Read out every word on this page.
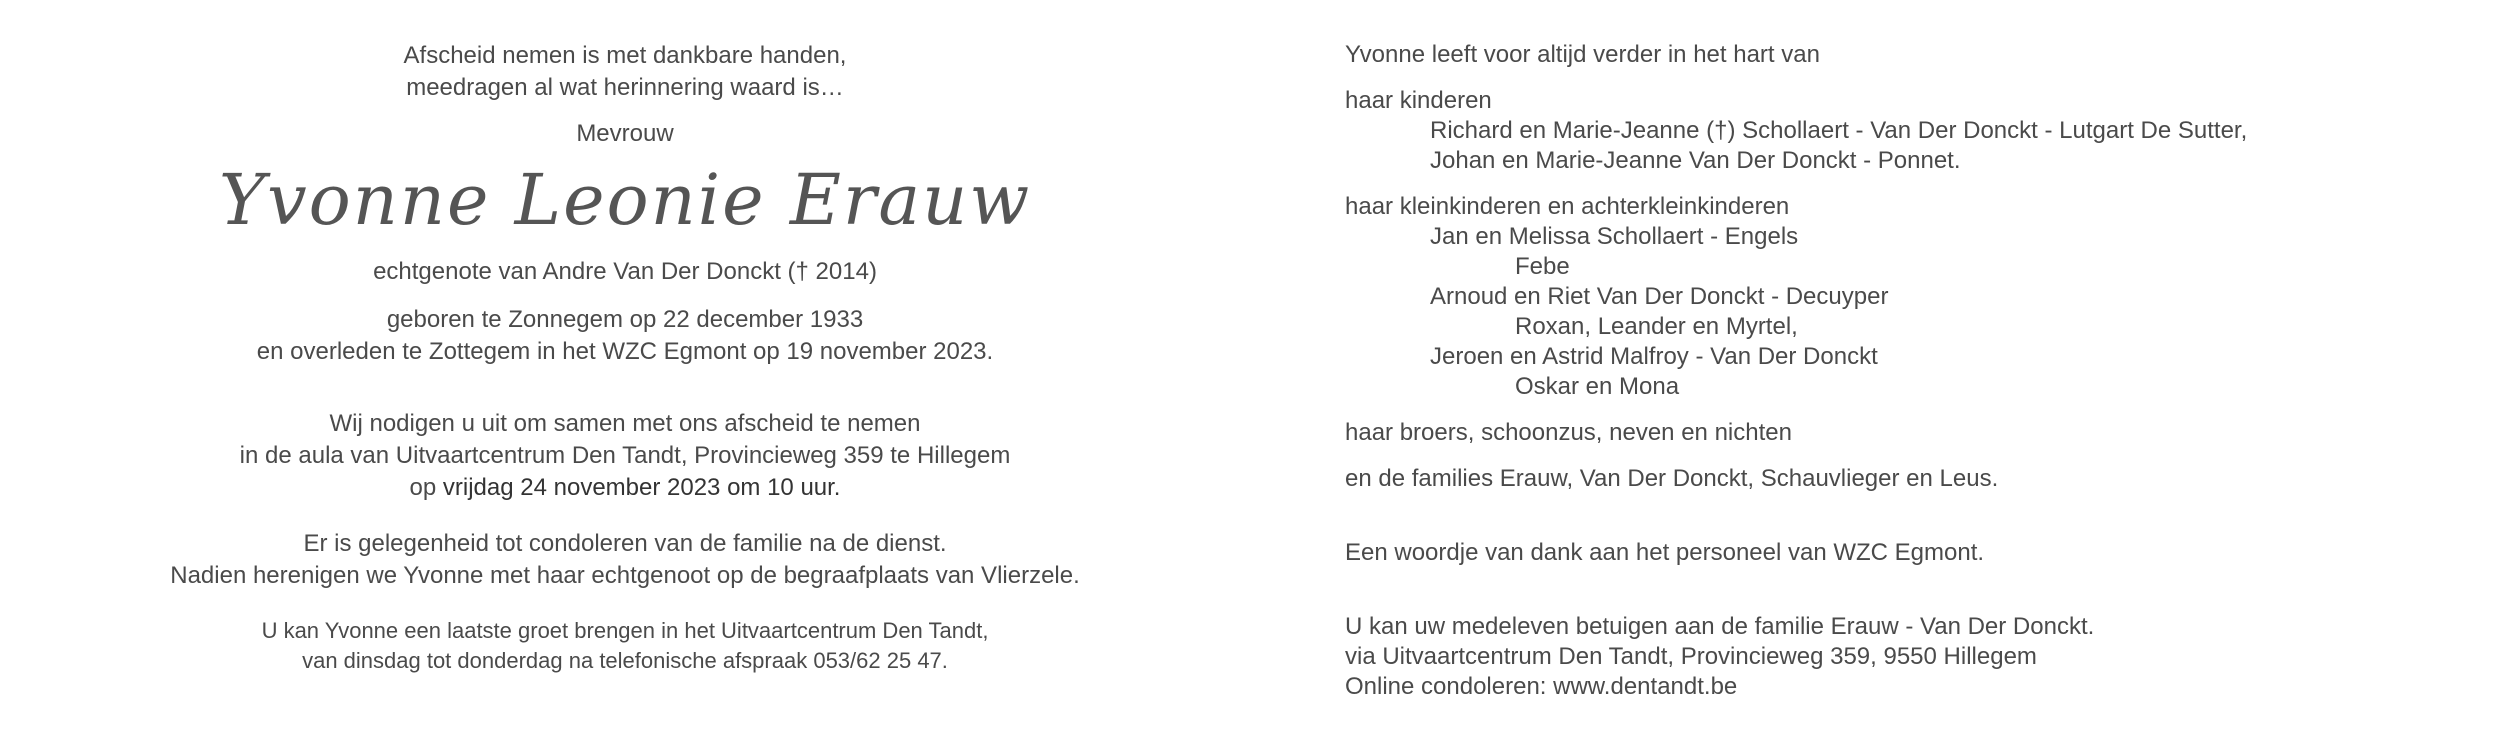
Afscheid nemen is met dankbare handen,
meedragen al wat herinnering waard is…
Mevrouw
Yvonne Leonie Erauw
echtgenote van Andre Van Der Donckt († 2014)
geboren te Zonnegem op 22 december 1933
en overleden te Zottegem in het WZC Egmont op 19 november 2023.
Wij nodigen u uit om samen met ons afscheid te nemen
in de aula van Uitvaartcentrum Den Tandt, Provincieweg 359 te Hillegem
op vrijdag 24 november 2023 om 10 uur.
Er is gelegenheid tot condoleren van de familie na de dienst.
Nadien herenigen we Yvonne met haar echtgenoot op de begraafplaats van Vlierzele.
U kan Yvonne een laatste groet brengen in het Uitvaartcentrum Den Tandt,
van dinsdag tot donderdag na telefonische afspraak 053/62 25 47.
Yvonne leeft voor altijd verder in het hart van
haar kinderen
Richard en Marie-Jeanne (†) Schollaert - Van Der Donckt - Lutgart De Sutter,
Johan en Marie-Jeanne Van Der Donckt - Ponnet.
haar kleinkinderen en achterkleinkinderen
Jan en Melissa Schollaert - Engels
Febe
Arnoud en Riet Van Der Donckt - Decuyper
Roxan, Leander en Myrtel,
Jeroen en Astrid Malfroy - Van Der Donckt
Oskar en Mona
haar broers, schoonzus, neven en nichten
en de families Erauw, Van Der Donckt, Schauvlieger en Leus.
Een woordje van dank aan het personeel van WZC Egmont.
U kan uw medeleven betuigen aan de familie Erauw - Van Der Donckt.
via Uitvaartcentrum Den Tandt, Provincieweg 359, 9550 Hillegem
Online condoleren: www.dentandt.be
